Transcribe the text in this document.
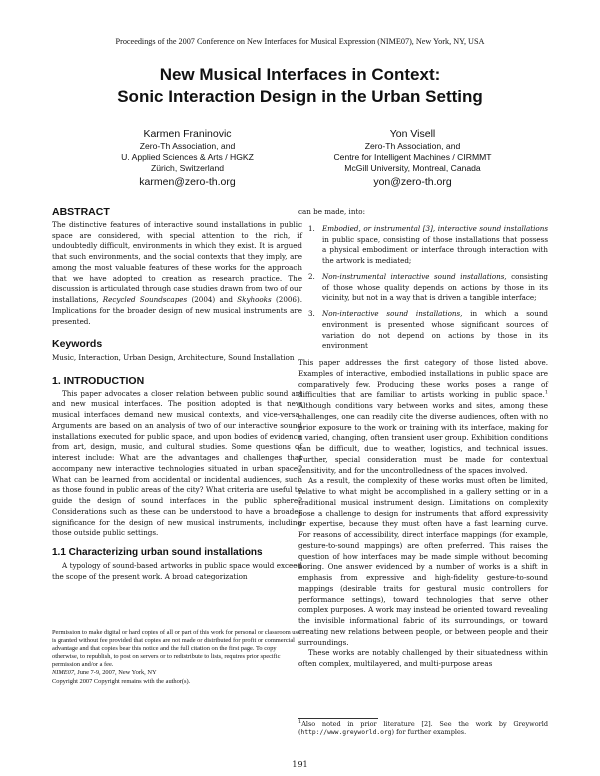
Proceedings of the 2007 Conference on New Interfaces for Musical Expression (NIME07), New York, NY, USA
New Musical Interfaces in Context:
Sonic Interaction Design in the Urban Setting
Karmen Franinovic
Zero-Th Association, and
U. Applied Sciences & Arts / HGKZ
Zürich, Switzerland
karmen@zero-th.org
Yon Visell
Zero-Th Association, and
Centre for Intelligent Machines / CIRMMT
McGill University, Montreal, Canada
yon@zero-th.org

ABSTRACT

The distinctive features of interactive sound installations in public space are considered, with special attention to the rich, if undoubtedly difficult, environments in which they exist. It is argued that such environments, and the social contexts that they imply, are among the most valuable features of these works for the approach that we have adopted to creation as research practice. The discussion is articulated through case studies drawn from two of our installations, Recycled Soundscapes (2004) and Skyhooks (2006). Implications for the broader design of new musical instruments are presented.

Keywords

Music, Interaction, Urban Design, Architecture, Sound Installation

1. INTRODUCTION

This paper advocates a closer relation between public sound art and new musical interfaces. The position adopted is that new musical interfaces demand new musical contexts, and vice-versa. Arguments are based on an analysis of two of our interactive sound installations executed for public space, and upon bodies of evidence from art, design, music, and cultural studies. Some questions of interest include: What are the advantages and challenges that accompany new interactive technologies situated in urban space? What can be learned from accidental or incidental audiences, such as those found in public areas of the city? What criteria are useful to guide the design of sound interfaces in the public sphere? Considerations such as these can be understood to have a broader significance for the design of new musical instruments, including those outside public settings.

1.1 Characterizing urban sound installations

A typology of sound-based artworks in public space would exceed the scope of the present work. A broad categorization

Permission to make digital or hard copies of all or part of this work for personal or classroom use is granted without fee provided that copies are not made or distributed for profit or commercial advantage and that copies bear this notice and the full citation on the first page. To copy otherwise, to republish, to post on servers or to redistribute to lists, requires prior specific permission and/or a fee.

NIME07, June 7-9, 2007, New York, NY

Copyright 2007 Copyright remains with the author(s).

can be made, into:

1.	Embodied, or instrumental [3], interactive sound installations in public space, consisting of those installations that possess a physical embodiment or interface through interaction with the artwork is mediated;
2.	Non-instrumental interactive sound installations, consisting of those whose quality depends on actions by those in its vicinity, but not in a way that is driven a tangible interface;
3.	Non-interactive sound installations, in which a sound environment is presented whose significant sources of variation do not depend on actions by those in its environment

This paper addresses the first category of those listed above. Examples of interactive, embodied installations in public space are comparatively few. Producing these works poses a range of difficulties that are familiar to artists working in public space.$^1$ Although conditions vary between works and sites, among these challenges, one can readily cite the diverse audiences, often with no prior exposure to the work or training with its interface, making for a varied, changing, often transient user group. Exhibition conditions can be difficult, due to weather, logistics, and technical issues. Further, special consideration must be made for contextual sensitivity, and for the uncontrolledness of the spaces involved.

As a result, the complexity of these works must often be limited, relative to what might be accomplished in a gallery setting or in a traditional musical instrument design. Limitations on complexity pose a challenge to design for instruments that afford expressivity or expertise, because they must often have a fast learning curve. For reasons of accessibility, direct interface mappings (for example, gesture-to-sound mappings) are often preferred. This raises the question of how interfaces may be made simple without becoming boring. One answer evidenced by a number of works is a shift in emphasis from expressive and high-fidelity gesture-to-sound mappings (desirable traits for gestural music controllers for performance settings), toward technologies that serve other complex purposes. A work may instead be oriented toward revealing the invisible informational fabric of its surroundings, or toward creating new relations between people, or between people and their surroundings.

These works are notably challenged by their situatedness within often complex, multilayered, and multi-purpose areas

$^1$Also noted in prior literature [2]. See the work by Greyworld (http://www.greyworld.org) for further examples.
191
